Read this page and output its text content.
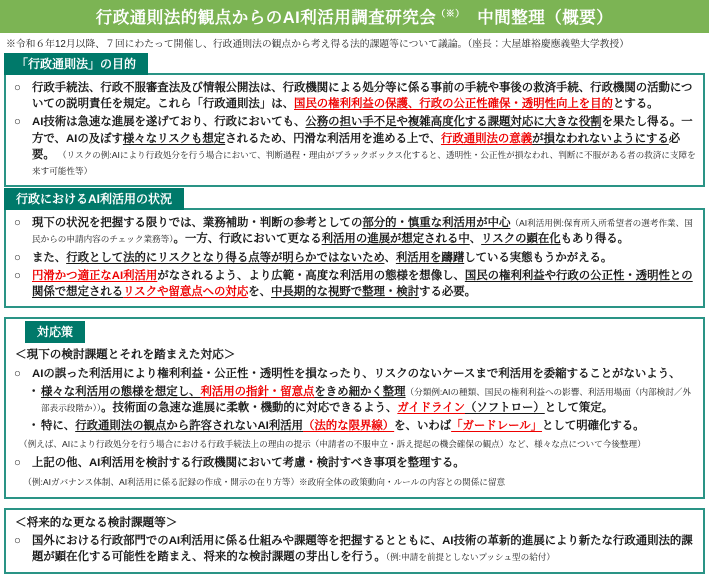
行政通則法的観点からのAI利活用調査研究会（※）　中間整理（概要）
※令和６年12月以降、７回にわたって開催し、行政通則法の観点から考え得る法的課題等について議論。（座長：大屋雄裕慶應義塾大学教授）
「行政通則法」の目的
○ 行政手続法、行政不服審査法及び情報公開法は、行政機関による処分等に係る事前の手続や事後の救済手続、行政機関の活動についての説明責任を規定。これら「行政通則法」は、国民の権利利益の保護、行政の公正性確保・透明性向上を目的とする。
○ AI技術は急速な進展を遂げており、行政においても、公務の担い手不足や複雑高度化する課題対応に大きな役割を果たし得る。一方で、AIの及ぼす様々なリスクも想定されるため、円滑な利活用を進める上で、行政通則法の意義が損なわれないようにする必要。 （リスクの例:AIにより行政処分を行う場合において、判断過程・理由がブラックボックス化すると、透明性・公正性が損なわれ、判断に不服がある者の救済に支障を来す可能性等）
行政におけるAI利活用の状況
○ 現下の状況を把握する限りでは、業務補助・判断の参考としての部分的・慎重な利活用が中心（AI利活用例:保育所入所希望者の選考作業、国民からの申請内容のチェック業務等）。一方、行政において更なる利活用の進展が想定される中、リスクの顕在化もあり得る。
○ また、行政として法的にリスクとなり得る点等が明らかではないため、利活用を躊躇している実態もうかがえる。
○ 円滑かつ適正なAI利活用がなされるよう、より広範・高度な利活用の態様を想像し、国民の権利利益や行政の公正性・透明性との関係で想定されるリスクや留意点への対応を、中長期的な視野で整理・検討する必要。
対応策
＜現下の検討課題とそれを踏まえた対応＞
○ AIの誤った利活用により権利利益・公正性・透明性を損なったり、リスクのないケースまで利活用を委縮することがないよう、
・ 様々な利活用の態様を想定し、利活用の指針・留意点をきめ細かく整理（分類例:AIの種類、国民の権利利益への影響、利活用場面（内部検討／外部表示段階か））。技術面の急速な進展に柔軟・機動的に対応できるよう、ガイドライン（ソフトロー）として策定。
・ 特に、行政通則法の観点から許容されないAI利活用（法的な限界線）を、いわば「ガードレール」として明確化する。
（例えば、AIにより行政処分を行う場合における行政手続法上の理由の提示（申請者の不服申立・訴え提起の機会確保の観点）など、様々な点について今後整理）
○ 上記の他、AI利活用を検討する行政機関において考慮・検討すべき事項を整理する。
　（例:AIガバナンス体制、AI利活用に係る記録の作成・開示の在り方等）※政府全体の政策動向・ルールの内容との関係に留意
＜将来的な更なる検討課題等＞
○ 国外における行政部門でのAI利活用に係る仕組みや課題等を把握するとともに、AI技術の革新的進展により新たな行政通則法的課題が顕在化する可能性を踏まえ、将来的な検討課題の芽出しを行う。（例:申請を前提としないプッシュ型の給付）
